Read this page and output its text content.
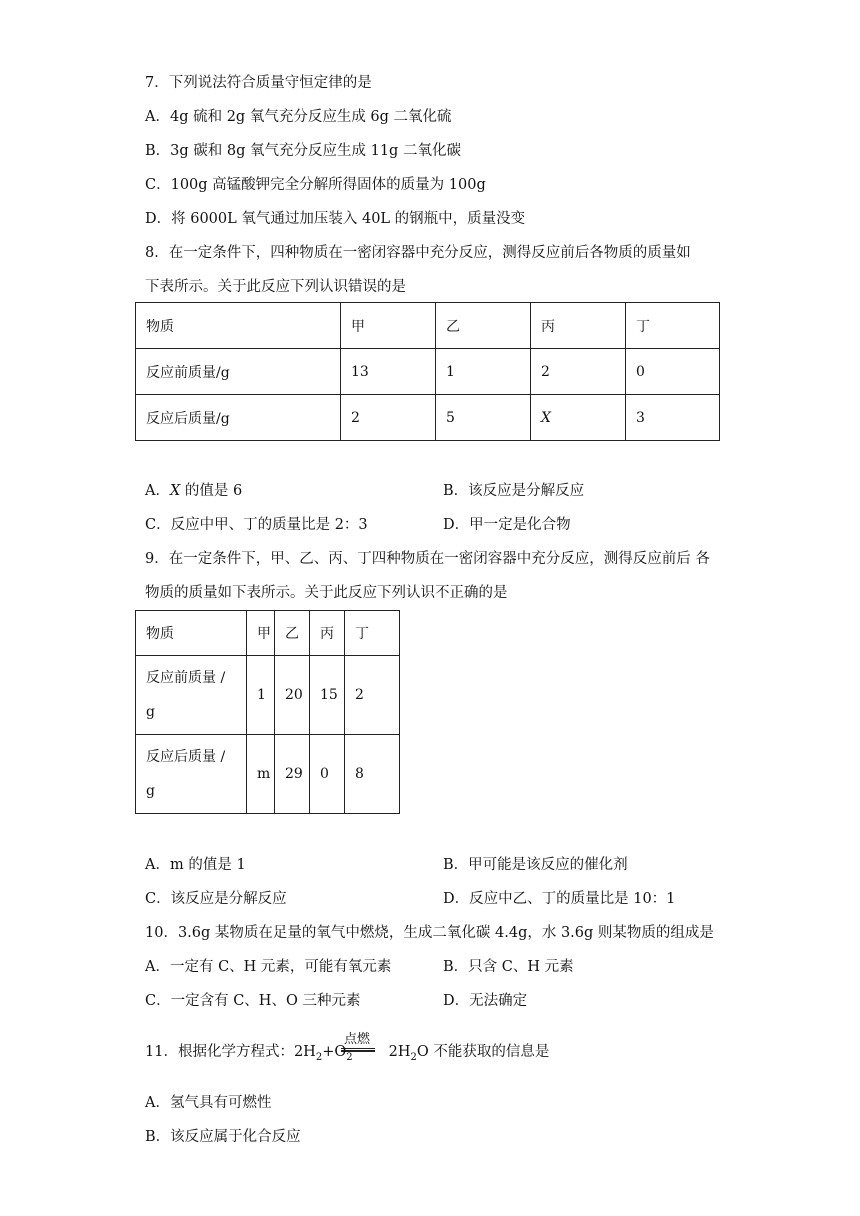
7．下列说法符合质量守恒定律的是
A．4g 硫和 2g 氧气充分反应生成 6g 二氧化硫
B．3g 碳和 8g 氧气充分反应生成 11g 二氧化碳
C．100g 高锰酸钾完全分解所得固体的质量为 100g
D．将 6000L 氧气通过加压装入 40L 的钢瓶中，质量没变
8．在一定条件下，四种物质在一密闭容器中充分反应，测得反应前后各物质的质量如
下表所示。关于此反应下列认识错误的是
物质	甲	乙	丙	丁
反应前质量/g	13	1	2	0
反应后质量/g	2	5	X	3
A．X 的值是 6	B．该反应是分解反应
C．反应中甲、丁的质量比是 2：3	D．甲一定是化合物
9．在一定条件下，甲、乙、丙、丁四种物质在一密闭容器中充分反应，测得反应前后 各
物质的质量如下表所示。关于此反应下列认识不正确的是
物质	甲	乙	丙	丁

反应前质量 /
g	1	20	15	2

反应后质量 /
g	m	29	0	8
A．m 的值是 1	B．甲可能是该反应的催化剂
C．该反应是分解反应	D．反应中乙、丁的质量比是 10：1
10．3.6g 某物质在足量的氧气中燃烧，生成二氧化碳 4.4g，水 3.6g 则某物质的组成是
A．一定有 C、H 元素，可能有氧元素	B．只含 C、H 元素
C．一定含有 C、H、O 三种元素	D．无法确定
点燃
11．根据化学方程式：$2H_2+O_2$ $2H_2O$ 不能获取的信息是
A．氢气具有可燃性
B．该反应属于化合反应
